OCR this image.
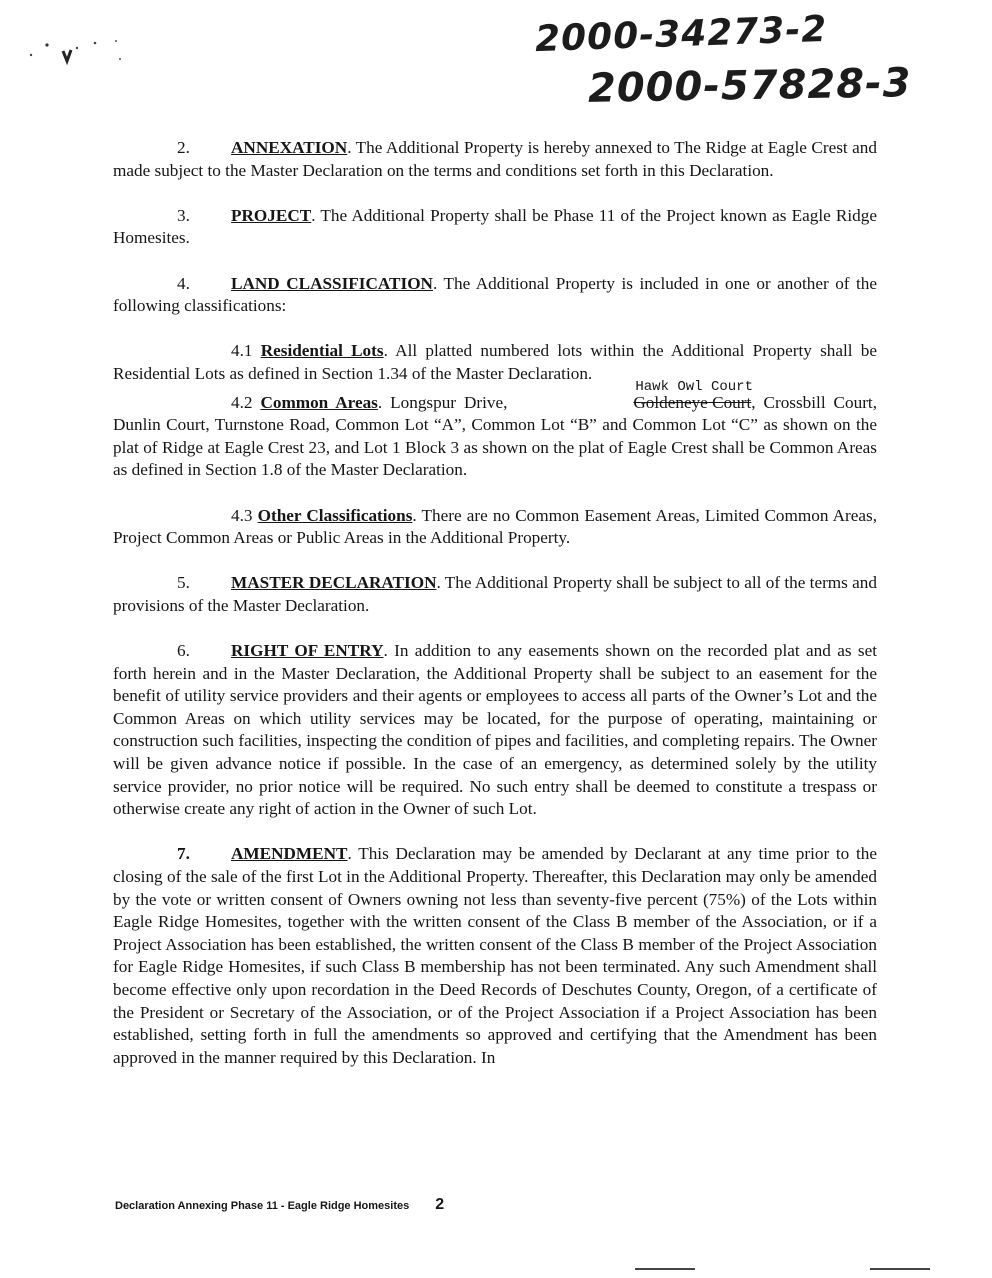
2000-34273-2
2000-57828-3

2. ANNEXATION. The Additional Property is hereby annexed to The Ridge at Eagle Crest and made subject to the Master Declaration on the terms and conditions set forth in this Declaration.

3. PROJECT. The Additional Property shall be Phase 11 of the Project known as Eagle Ridge Homesites.

4. LAND CLASSIFICATION. The Additional Property is included in one or another of the following classifications:

4.1 Residential Lots. All platted numbered lots within the Additional Property shall be Residential Lots as defined in Section 1.34 of the Master Declaration.

4.2 Common Areas. Longspur Drive,
Hawk Owl Court
Goldeneye Court, Crossbill Court, Dunlin Court, Turnstone Road, Common Lot “A”, Common Lot “B” and Common Lot “C” as shown on the plat of Ridge at Eagle Crest 23, and Lot 1 Block 3 as shown on the plat of Eagle Crest shall be Common Areas as defined in Section 1.8 of the Master Declaration.

4.3 Other Classifications. There are no Common Easement Areas, Limited Common Areas, Project Common Areas or Public Areas in the Additional Property.

5. MASTER DECLARATION. The Additional Property shall be subject to all of the terms and provisions of the Master Declaration.

6. RIGHT OF ENTRY. In addition to any easements shown on the recorded plat and as set forth herein and in the Master Declaration, the Additional Property shall be subject to an easement for the benefit of utility service providers and their agents or employees to access all parts of the Owner’s Lot and the Common Areas on which utility services may be located, for the purpose of operating, maintaining or construction such facilities, inspecting the condition of pipes and facilities, and completing repairs. The Owner will be given advance notice if possible. In the case of an emergency, as determined solely by the utility service provider, no prior notice will be required. No such entry shall be deemed to constitute a trespass or otherwise create any right of action in the Owner of such Lot.

7. AMENDMENT. This Declaration may be amended by Declarant at any time prior to the closing of the sale of the first Lot in the Additional Property. Thereafter, this Declaration may only be amended by the vote or written consent of Owners owning not less than seventy-five percent (75%) of the Lots within Eagle Ridge Homesites, together with the written consent of the Class B member of the Association, or if a Project Association has been established, the written consent of the Class B member of the Project Association for Eagle Ridge Homesites, if such Class B membership has not been terminated. Any such Amendment shall become effective only upon recordation in the Deed Records of Deschutes County, Oregon, of a certificate of the President or Secretary of the Association, or of the Project Association if a Project Association has been established, setting forth in full the amendments so approved and certifying that the Amendment has been approved in the manner required by this Declaration. In

Declaration Annexing Phase 11 - Eagle Ridge Homesites 2
